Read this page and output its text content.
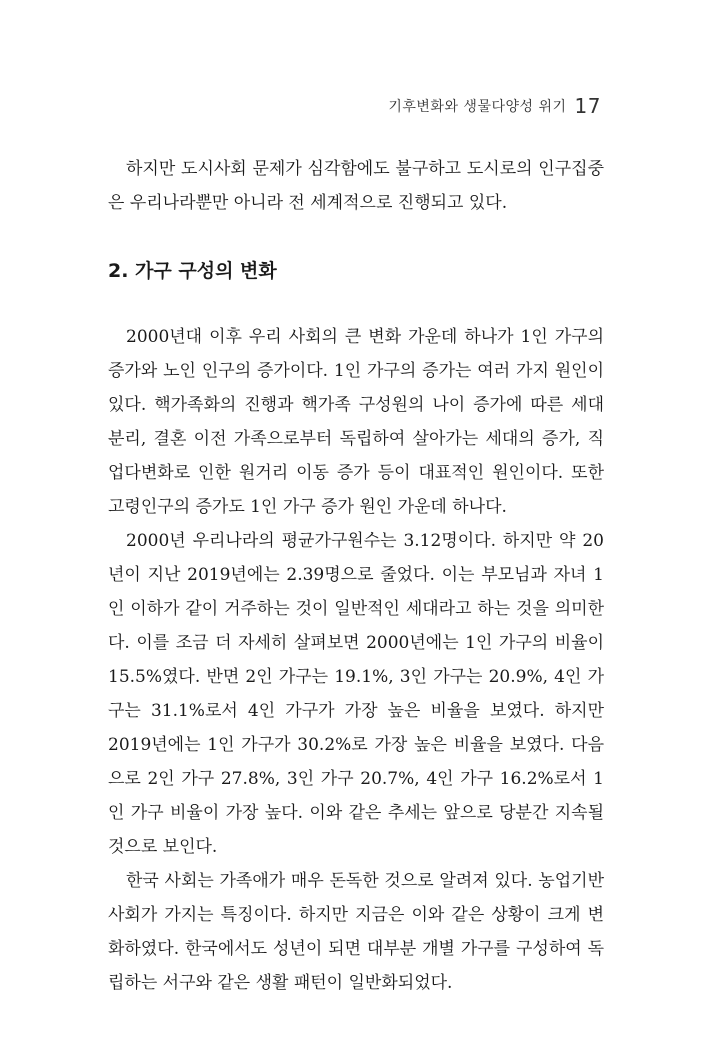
기후변화와 생물다양성 위기 17

하지만 도시사회 문제가 심각함에도 불구하고 도시로의 인구집중은 우리나라뿐만 아니라 전 세계적으로 진행되고 있다.

2. 가구 구성의 변화

2000년대 이후 우리 사회의 큰 변화 가운데 하나가 1인 가구의 증가와 노인 인구의 증가이다. 1인 가구의 증가는 여러 가지 원인이 있다. 핵가족화의 진행과 핵가족 구성원의 나이 증가에 따른 세대 분리, 결혼 이전 가족으로부터 독립하여 살아가는 세대의 증가, 직업다변화로 인한 원거리 이동 증가 등이 대표적인 원인이다. 또한 고령인구의 증가도 1인 가구 증가 원인 가운데 하나다.

2000년 우리나라의 평균가구원수는 3.12명이다. 하지만 약 20년이 지난 2019년에는 2.39명으로 줄었다. 이는 부모님과 자녀 1인 이하가 같이 거주하는 것이 일반적인 세대라고 하는 것을 의미한다. 이를 조금 더 자세히 살펴보면 2000년에는 1인 가구의 비율이 15.5%였다. 반면 2인 가구는 19.1%, 3인 가구는 20.9%, 4인 가구는 31.1%로서 4인 가구가 가장 높은 비율을 보였다. 하지만 2019년에는 1인 가구가 30.2%로 가장 높은 비율을 보였다. 다음으로 2인 가구 27.8%, 3인 가구 20.7%, 4인 가구 16.2%로서 1인 가구 비율이 가장 높다. 이와 같은 추세는 앞으로 당분간 지속될 것으로 보인다.

한국 사회는 가족애가 매우 돈독한 것으로 알려져 있다. 농업기반 사회가 가지는 특징이다. 하지만 지금은 이와 같은 상황이 크게 변화하였다. 한국에서도 성년이 되면 대부분 개별 가구를 구성하여 독립하는 서구와 같은 생활 패턴이 일반화되었다.
